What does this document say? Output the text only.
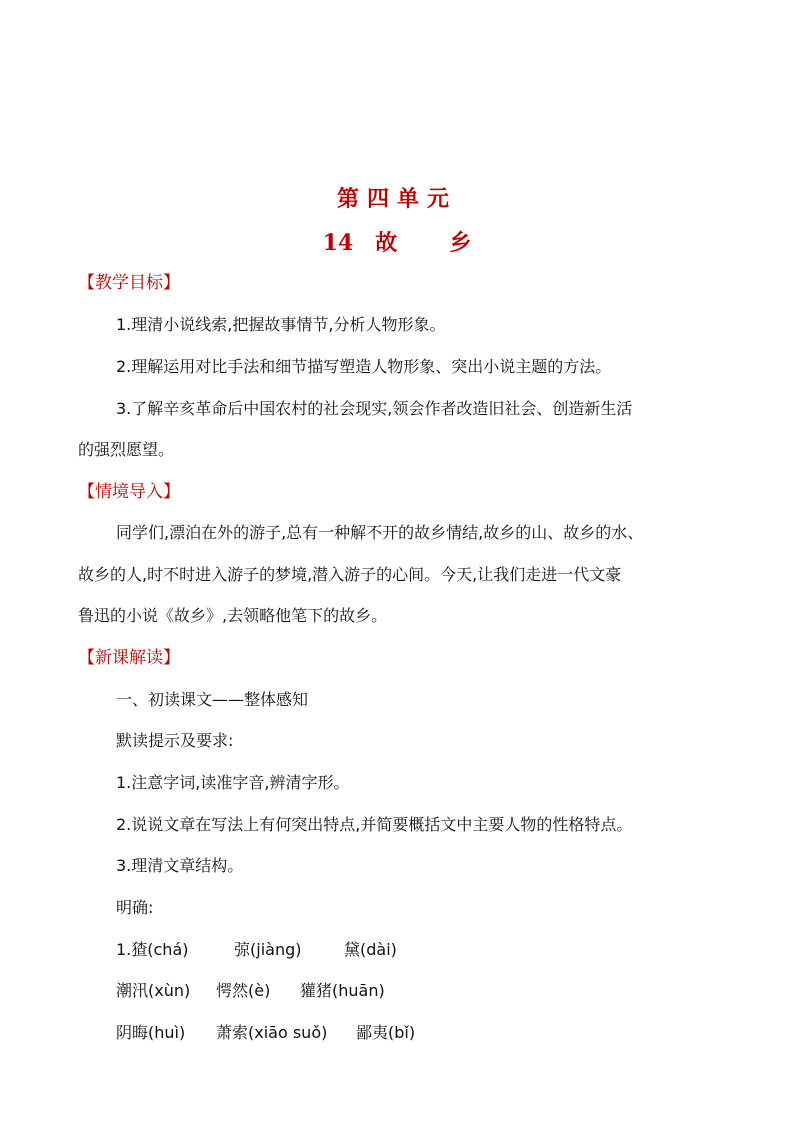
第四单元
14 故 乡
【教学目标】
1.理清小说线索,把握故事情节,分析人物形象。
2.理解运用对比手法和细节描写塑造人物形象、突出小说主题的方法。
3.了解辛亥革命后中国农村的社会现实,领会作者改造旧社会、创造新生活
的强烈愿望。
【情境导入】
同学们,漂泊在外的游子,总有一种解不开的故乡情结,故乡的山、故乡的水、
故乡的人,时不时进入游子的梦境,潜入游子的心间。今天,让我们走进一代文豪
鲁迅的小说《故乡》,去领略他笔下的故乡。
【新课解读】
一、初读课文——整体感知
默读提示及要求:
1.注意字词,读准字音,辨清字形。
2.说说文章在写法上有何突出特点,并简要概括文中主要人物的性格特点。
3.理清文章结构。
明确:
1.猹(chá)	弶(jiàng)	黛(dài)
潮汛(xùn) 愕然(è) 獾猪(huān)
阴晦(huì) 萧索(xiāo suǒ) 鄙夷(bǐ)
